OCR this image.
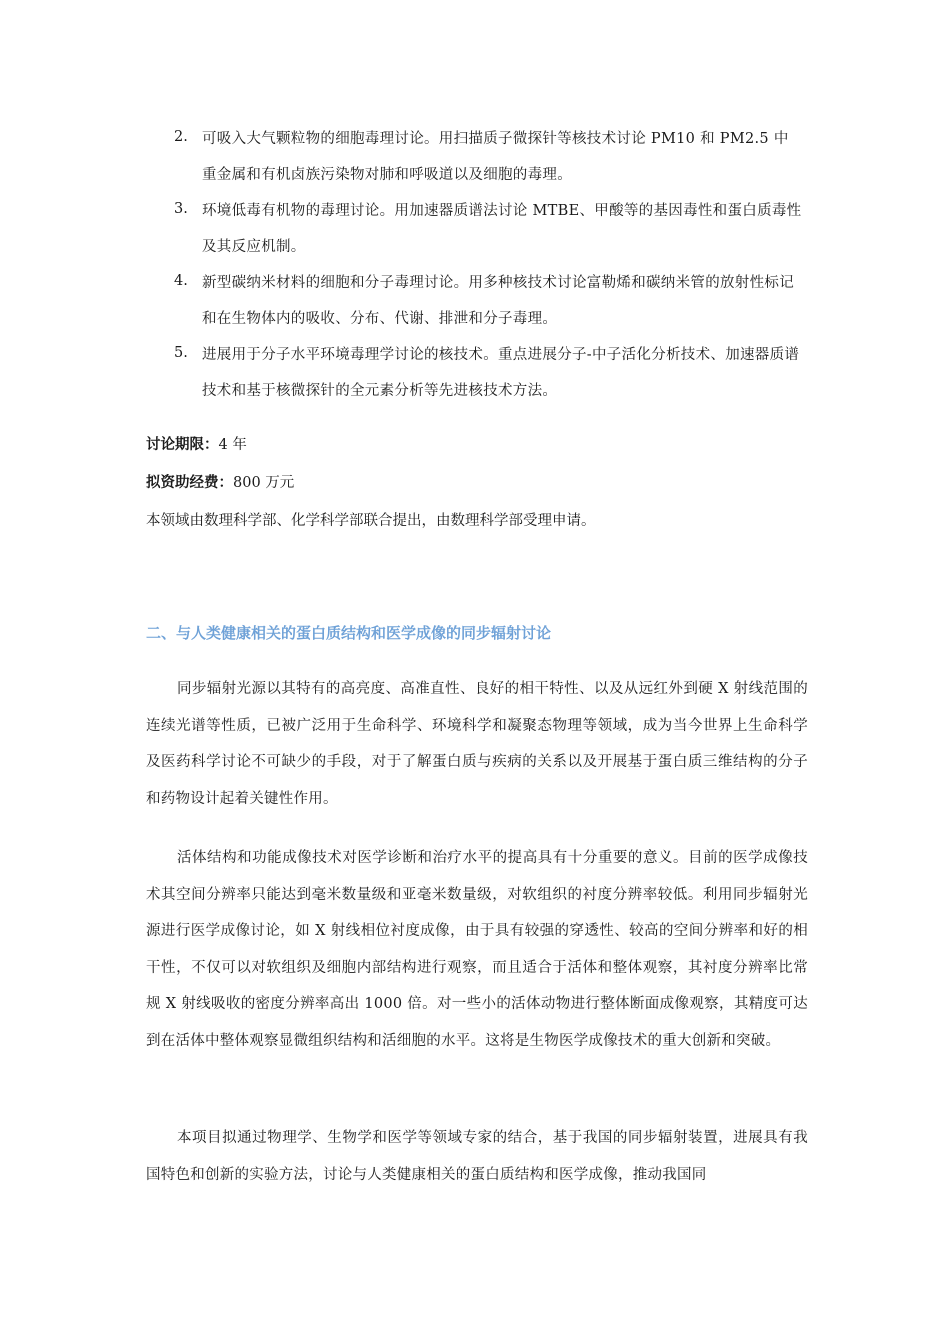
2. 可吸入大气颗粒物的细胞毒理讨论。用扫描质子微探针等核技术讨论 PM10 和 PM2.5 中重金属和有机卤族污染物对肺和呼吸道以及细胞的毒理。
3. 环境低毒有机物的毒理讨论。用加速器质谱法讨论 MTBE、甲酸等的基因毒性和蛋白质毒性及其反应机制。
4. 新型碳纳米材料的细胞和分子毒理讨论。用多种核技术讨论富勒烯和碳纳米管的放射性标记和在生物体内的吸收、分布、代谢、排泄和分子毒理。
5. 进展用于分子水平环境毒理学讨论的核技术。重点进展分子-中子活化分析技术、加速器质谱技术和基于核微探针的全元素分析等先进核技术方法。
讨论期限：4 年
拟资助经费：800 万元
本领域由数理科学部、化学科学部联合提出，由数理科学部受理申请。
二、与人类健康相关的蛋白质结构和医学成像的同步辐射讨论

同步辐射光源以其特有的高亮度、高准直性、良好的相干特性、以及从远红外到硬 X 射线范围的连续光谱等性质，已被广泛用于生命科学、环境科学和凝聚态物理等领域，成为当今世界上生命科学及医药科学讨论不可缺少的手段，对于了解蛋白质与疾病的关系以及开展基于蛋白质三维结构的分子和药物设计起着关键性作用。

活体结构和功能成像技术对医学诊断和治疗水平的提高具有十分重要的意义。目前的医学成像技术其空间分辨率只能达到毫米数量级和亚毫米数量级，对软组织的衬度分辨率较低。利用同步辐射光源进行医学成像讨论，如 X 射线相位衬度成像，由于具有较强的穿透性、较高的空间分辨率和好的相干性，不仅可以对软组织及细胞内部结构进行观察，而且适合于活体和整体观察，其衬度分辨率比常规 X 射线吸收的密度分辨率高出 1000 倍。对一些小的活体动物进行整体断面成像观察，其精度可达到在活体中整体观察显微组织结构和活细胞的水平。这将是生物医学成像技术的重大创新和突破。

本项目拟通过物理学、生物学和医学等领域专家的结合，基于我国的同步辐射装置，进展具有我国特色和创新的实验方法，讨论与人类健康相关的蛋白质结构和医学成像，推动我国同
